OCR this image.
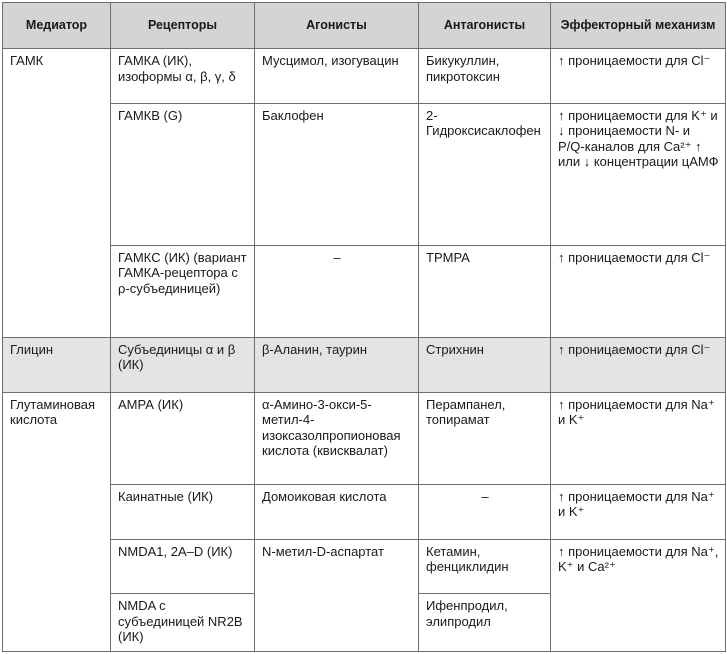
Медиатор	Рецепторы	Агонисты	Антагонисты	Эффекторный механизм
ГАМК	ГАМКA (ИК), изоформы α, β, γ, δ	Мусцимол, изогувацин	Бикукуллин, пикротоксин	↑ проницаемости для Cl⁻
	ГАМКB (G)	Баклофен	2-Гидроксисаклофен	↑ проницаемости для K⁺ и ↓ проницаемости N- и P/Q-каналов для Ca²⁺ ↑ или ↓ концентрации цАМФ
	ГАМКC (ИК) (вариант ГАМКA-рецептора с ρ-субъединицей)	–	TPMPA	↑ проницаемости для Cl⁻
Глицин	Субъединицы α и β (ИК)	β-Аланин, таурин	Стрихнин	↑ проницаемости для Cl⁻
Глутаминовая кислота	АМРА (ИК)	α-Амино-3-окси-5-метил-4-изоксазолпропионовая кислота (квисквалат)	Перампанел, топирамат	↑ проницаемости для Na⁺ и K⁺
	Каинатные (ИК)	Домоиковая кислота	–	↑ проницаемости для Na⁺ и K⁺
	NMDA1, 2A–D (ИК)	N-метил-D-аспартат	Кетамин, фенциклидин	↑ проницаемости для Na⁺, K⁺ и Ca²⁺
	NMDA с субъединицей NR2B (ИК)		Ифенпродил, элипродил	
